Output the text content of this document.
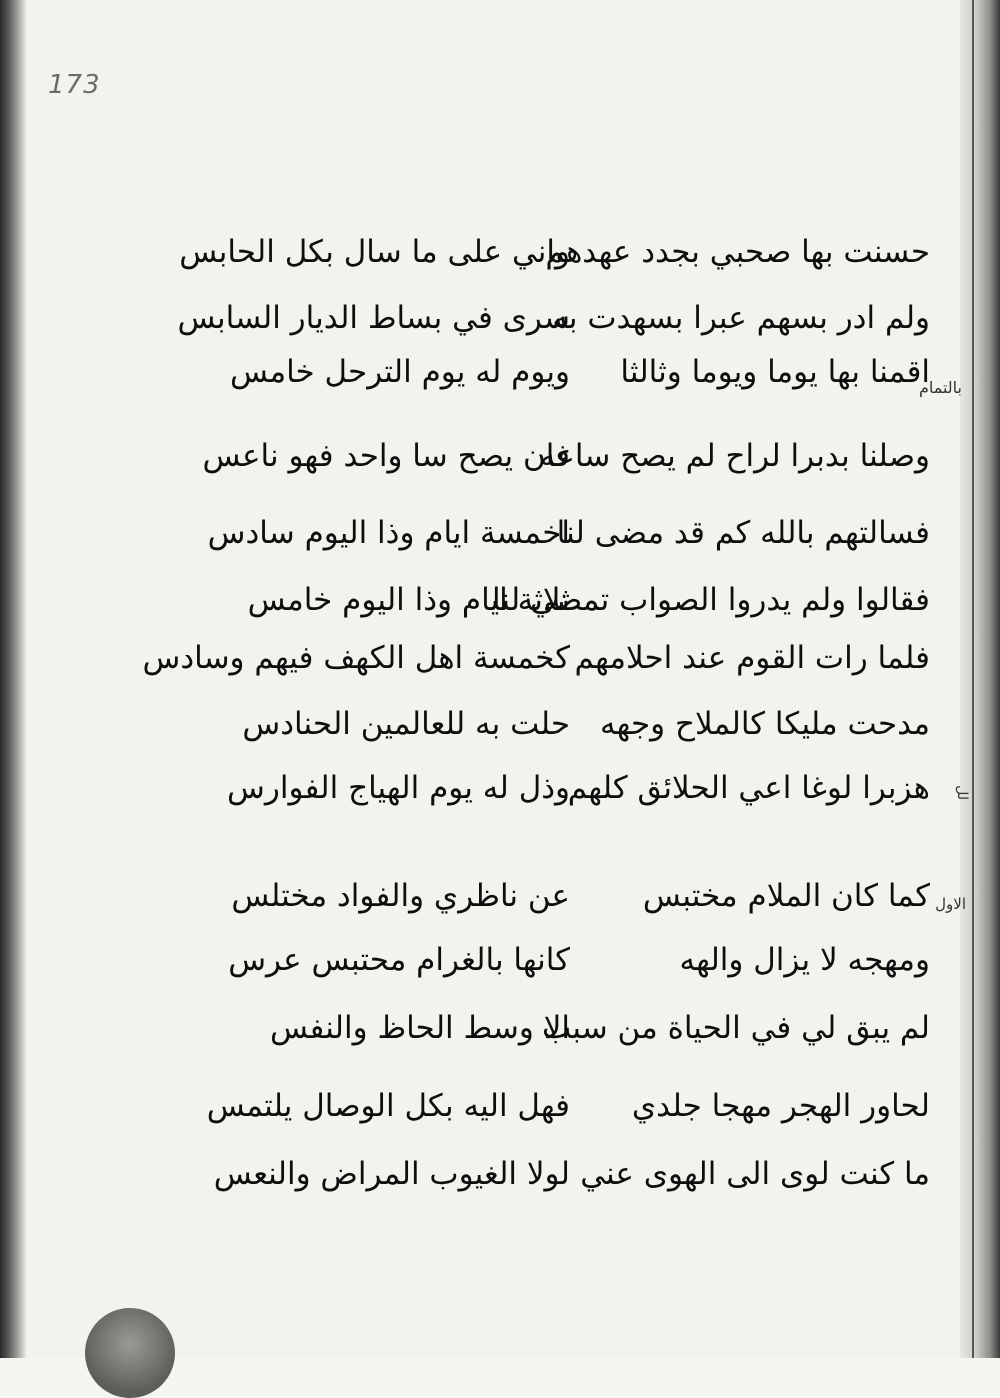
173
بالتمام
لل
الاول
حسنت بها صحبي بجدد عهدهم
واني على ما سال بكل الحابس
ولم ادر بسهم عبرا بسهدت به
سرى في بساط الديار السابس
اقمنا بها يوما ويوما وثالثا
ويوم له يوم الترحل خامس
وصلنا بدبرا لراح لم يصح ساعه
فان يصح سا واحد فهو ناعس
فسالتهم بالله كم قد مضى لنا
اخمسة ايام وذا اليوم سادس
فقالوا ولم يدروا الصواب تمضي لنا
ثلاثة ايام وذا اليوم خامس
فلما رات القوم عند احلامهم
كخمسة اهل الكهف فيهم وسادس
مدحت مليكا كالملاح وجهه
حلت به للعالمين الحنادس
هزبرا لوغا اعي الحلائق كلهم
وذل له يوم الهياج الفوارس
كما كان الملام مختبس
عن ناظري والفواد مختلس
ومهجه لا يزال والهه
كانها بالغرام محتبس عرس
لم يبق لي في الحياة من سبب
الا وسط الحاظ والنفس
لحاور الهجر مهجا جلدي
فهل اليه بكل الوصال يلتمس
ما كنت لوى الى الهوى عني
لولا الغيوب المراض والنعس
